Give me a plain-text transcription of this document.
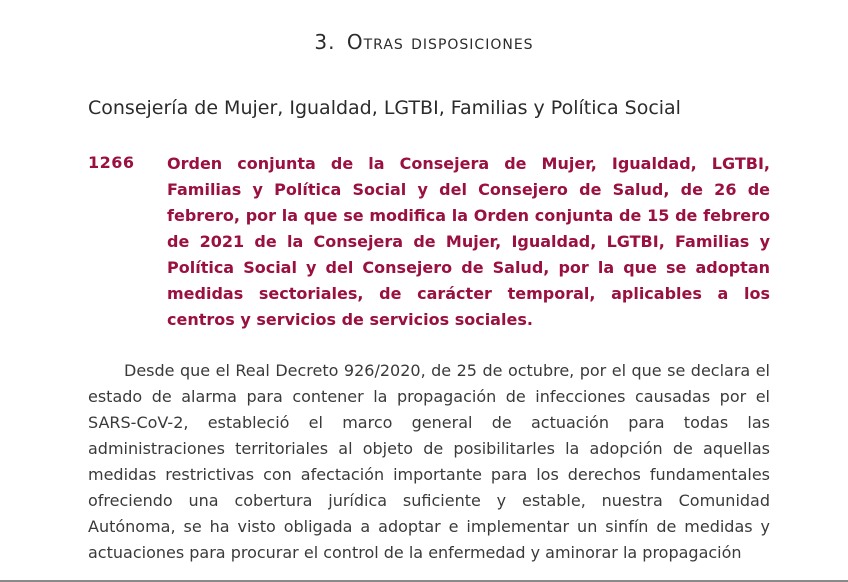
3. Otras disposiciones
Consejería de Mujer, Igualdad, LGTBI, Familias y Política Social
1266 Orden conjunta de la Consejera de Mujer, Igualdad, LGTBI, Familias y Política Social y del Consejero de Salud, de 26 de febrero, por la que se modifica la Orden conjunta de 15 de febrero de 2021 de la Consejera de Mujer, Igualdad, LGTBI, Familias y Política Social y del Consejero de Salud, por la que se adoptan medidas sectoriales, de carácter temporal, aplicables a los centros y servicios de servicios sociales.

Desde que el Real Decreto 926/2020, de 25 de octubre, por el que se declara el estado de alarma para contener la propagación de infecciones causadas por el SARS-CoV-2, estableció el marco general de actuación para todas las administraciones territoriales al objeto de posibilitarles la adopción de aquellas medidas restrictivas con afectación importante para los derechos fundamentales ofreciendo una cobertura jurídica suficiente y estable, nuestra Comunidad Autónoma, se ha visto obligada a adoptar e implementar un sinfín de medidas y actuaciones para procurar el control de la enfermedad y aminorar la propagación
